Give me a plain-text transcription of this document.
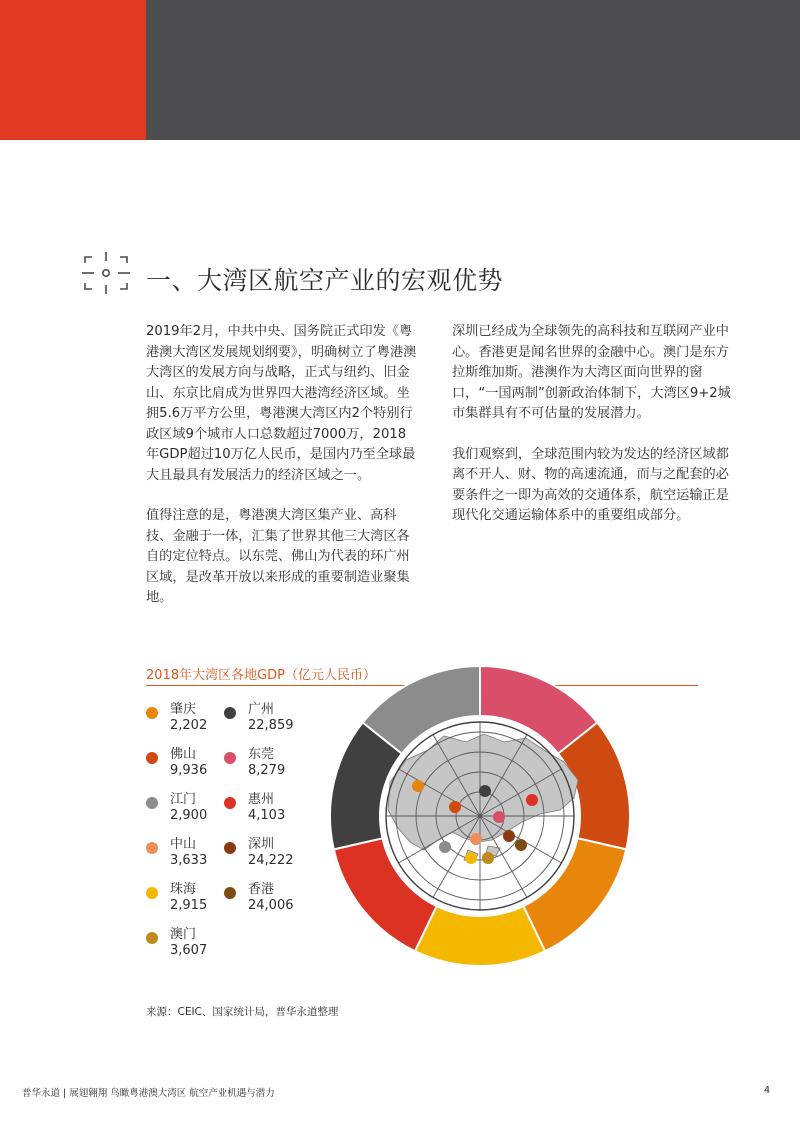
一、大湾区航空产业的宏观优势

2019年2月，中共中央、国务院正式印发《粤港澳大湾区发展规划纲要》，明确树立了粤港澳大湾区的发展方向与战略，正式与纽约、旧金山、东京比肩成为世界四大港湾经济区域。坐拥5.6万平方公里，粤港澳大湾区内2个特别行政区域9个城市人口总数超过7000万，2018年GDP超过10万亿人民币，是国内乃至全球最大且最具有发展活力的经济区域之一。

值得注意的是，粤港澳大湾区集产业、高科技、金融于一体，汇集了世界其他三大湾区各自的定位特点。以东莞、佛山为代表的环广州区域，是改革开放以来形成的重要制造业聚集地。

深圳已经成为全球领先的高科技和互联网产业中心。香港更是闻名世界的金融中心。澳门是东方拉斯维加斯。港澳作为大湾区面向世界的窗口，“一国两制”创新政治体制下，大湾区9+2城市集群具有不可估量的发展潜力。

我们观察到，全球范围内较为发达的经济区域都离不开人、财、物的高速流通，而与之配套的必要条件之一即为高效的交通体系，航空运输正是现代化交通运输体系中的重要组成部分。

2018年大湾区各地GDP（亿元人民币）
肇庆
2,202
广州
22,859
佛山
9,936
东莞
8,279
江门
2,900
惠州
4,103
中山
3,633
深圳
24,222
珠海
2,915
香港
24,006
澳门
3,607
来源：CEIC、国家统计局，普华永道整理
普华永道 | 展翅翱翔 鸟瞰粤港澳大湾区 航空产业机遇与潜力	4
